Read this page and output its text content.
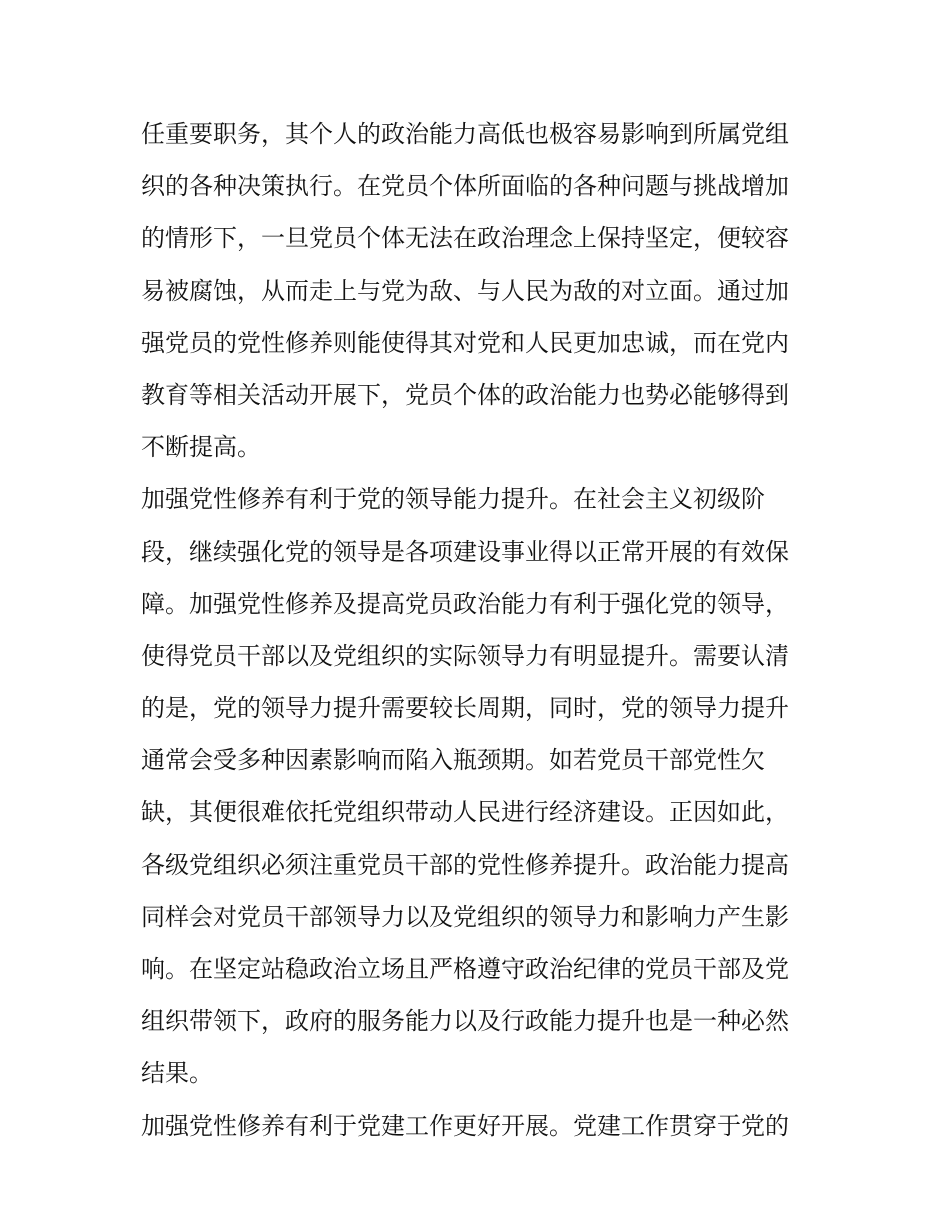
任重要职务，其个人的政治能力高低也极容易影响到所属党组
织的各种决策执行。在党员个体所面临的各种问题与挑战增加
的情形下，一旦党员个体无法在政治理念上保持坚定，便较容
易被腐蚀，从而走上与党为敌、与人民为敌的对立面。通过加
强党员的党性修养则能使得其对党和人民更加忠诚，而在党内
教育等相关活动开展下，党员个体的政治能力也势必能够得到
不断提高。
加强党性修养有利于党的领导能力提升。在社会主义初级阶
段，继续强化党的领导是各项建设事业得以正常开展的有效保
障。加强党性修养及提高党员政治能力有利于强化党的领导，
使得党员干部以及党组织的实际领导力有明显提升。需要认清
的是，党的领导力提升需要较长周期，同时，党的领导力提升
通常会受多种因素影响而陷入瓶颈期。如若党员干部党性欠
缺，其便很难依托党组织带动人民进行经济建设。正因如此，
各级党组织必须注重党员干部的党性修养提升。政治能力提高
同样会对党员干部领导力以及党组织的领导力和影响力产生影
响。在坚定站稳政治立场且严格遵守政治纪律的党员干部及党
组织带领下，政府的服务能力以及行政能力提升也是一种必然
结果。
加强党性修养有利于党建工作更好开展。党建工作贯穿于党的
